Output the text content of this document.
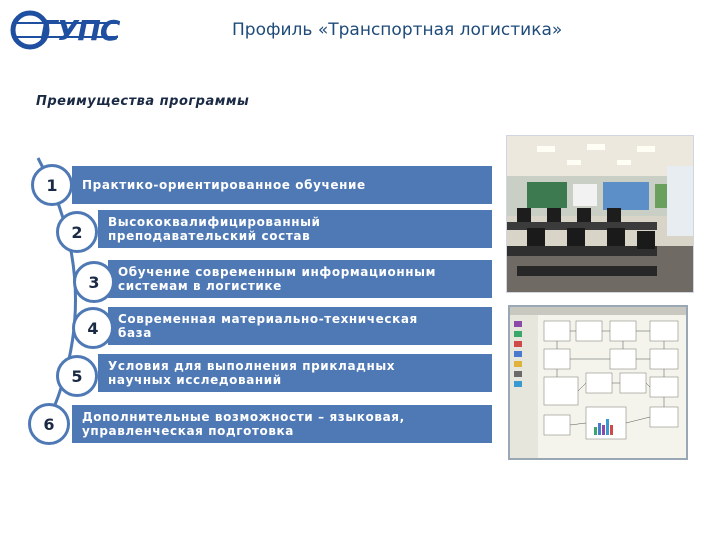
ГУПС	Профиль «Транспортная логистика»
Преимущества программы
Практико-ориентированное обучение
1
Высококвалифицированный
преподавательский состав
2
Обучение современным информационным
системам в логистике
3
Современная материально-техническая
база
4
Условия для выполнения прикладных
научных исследований
5
Дополнительные возможности – языковая,
управленческая подготовка
6
